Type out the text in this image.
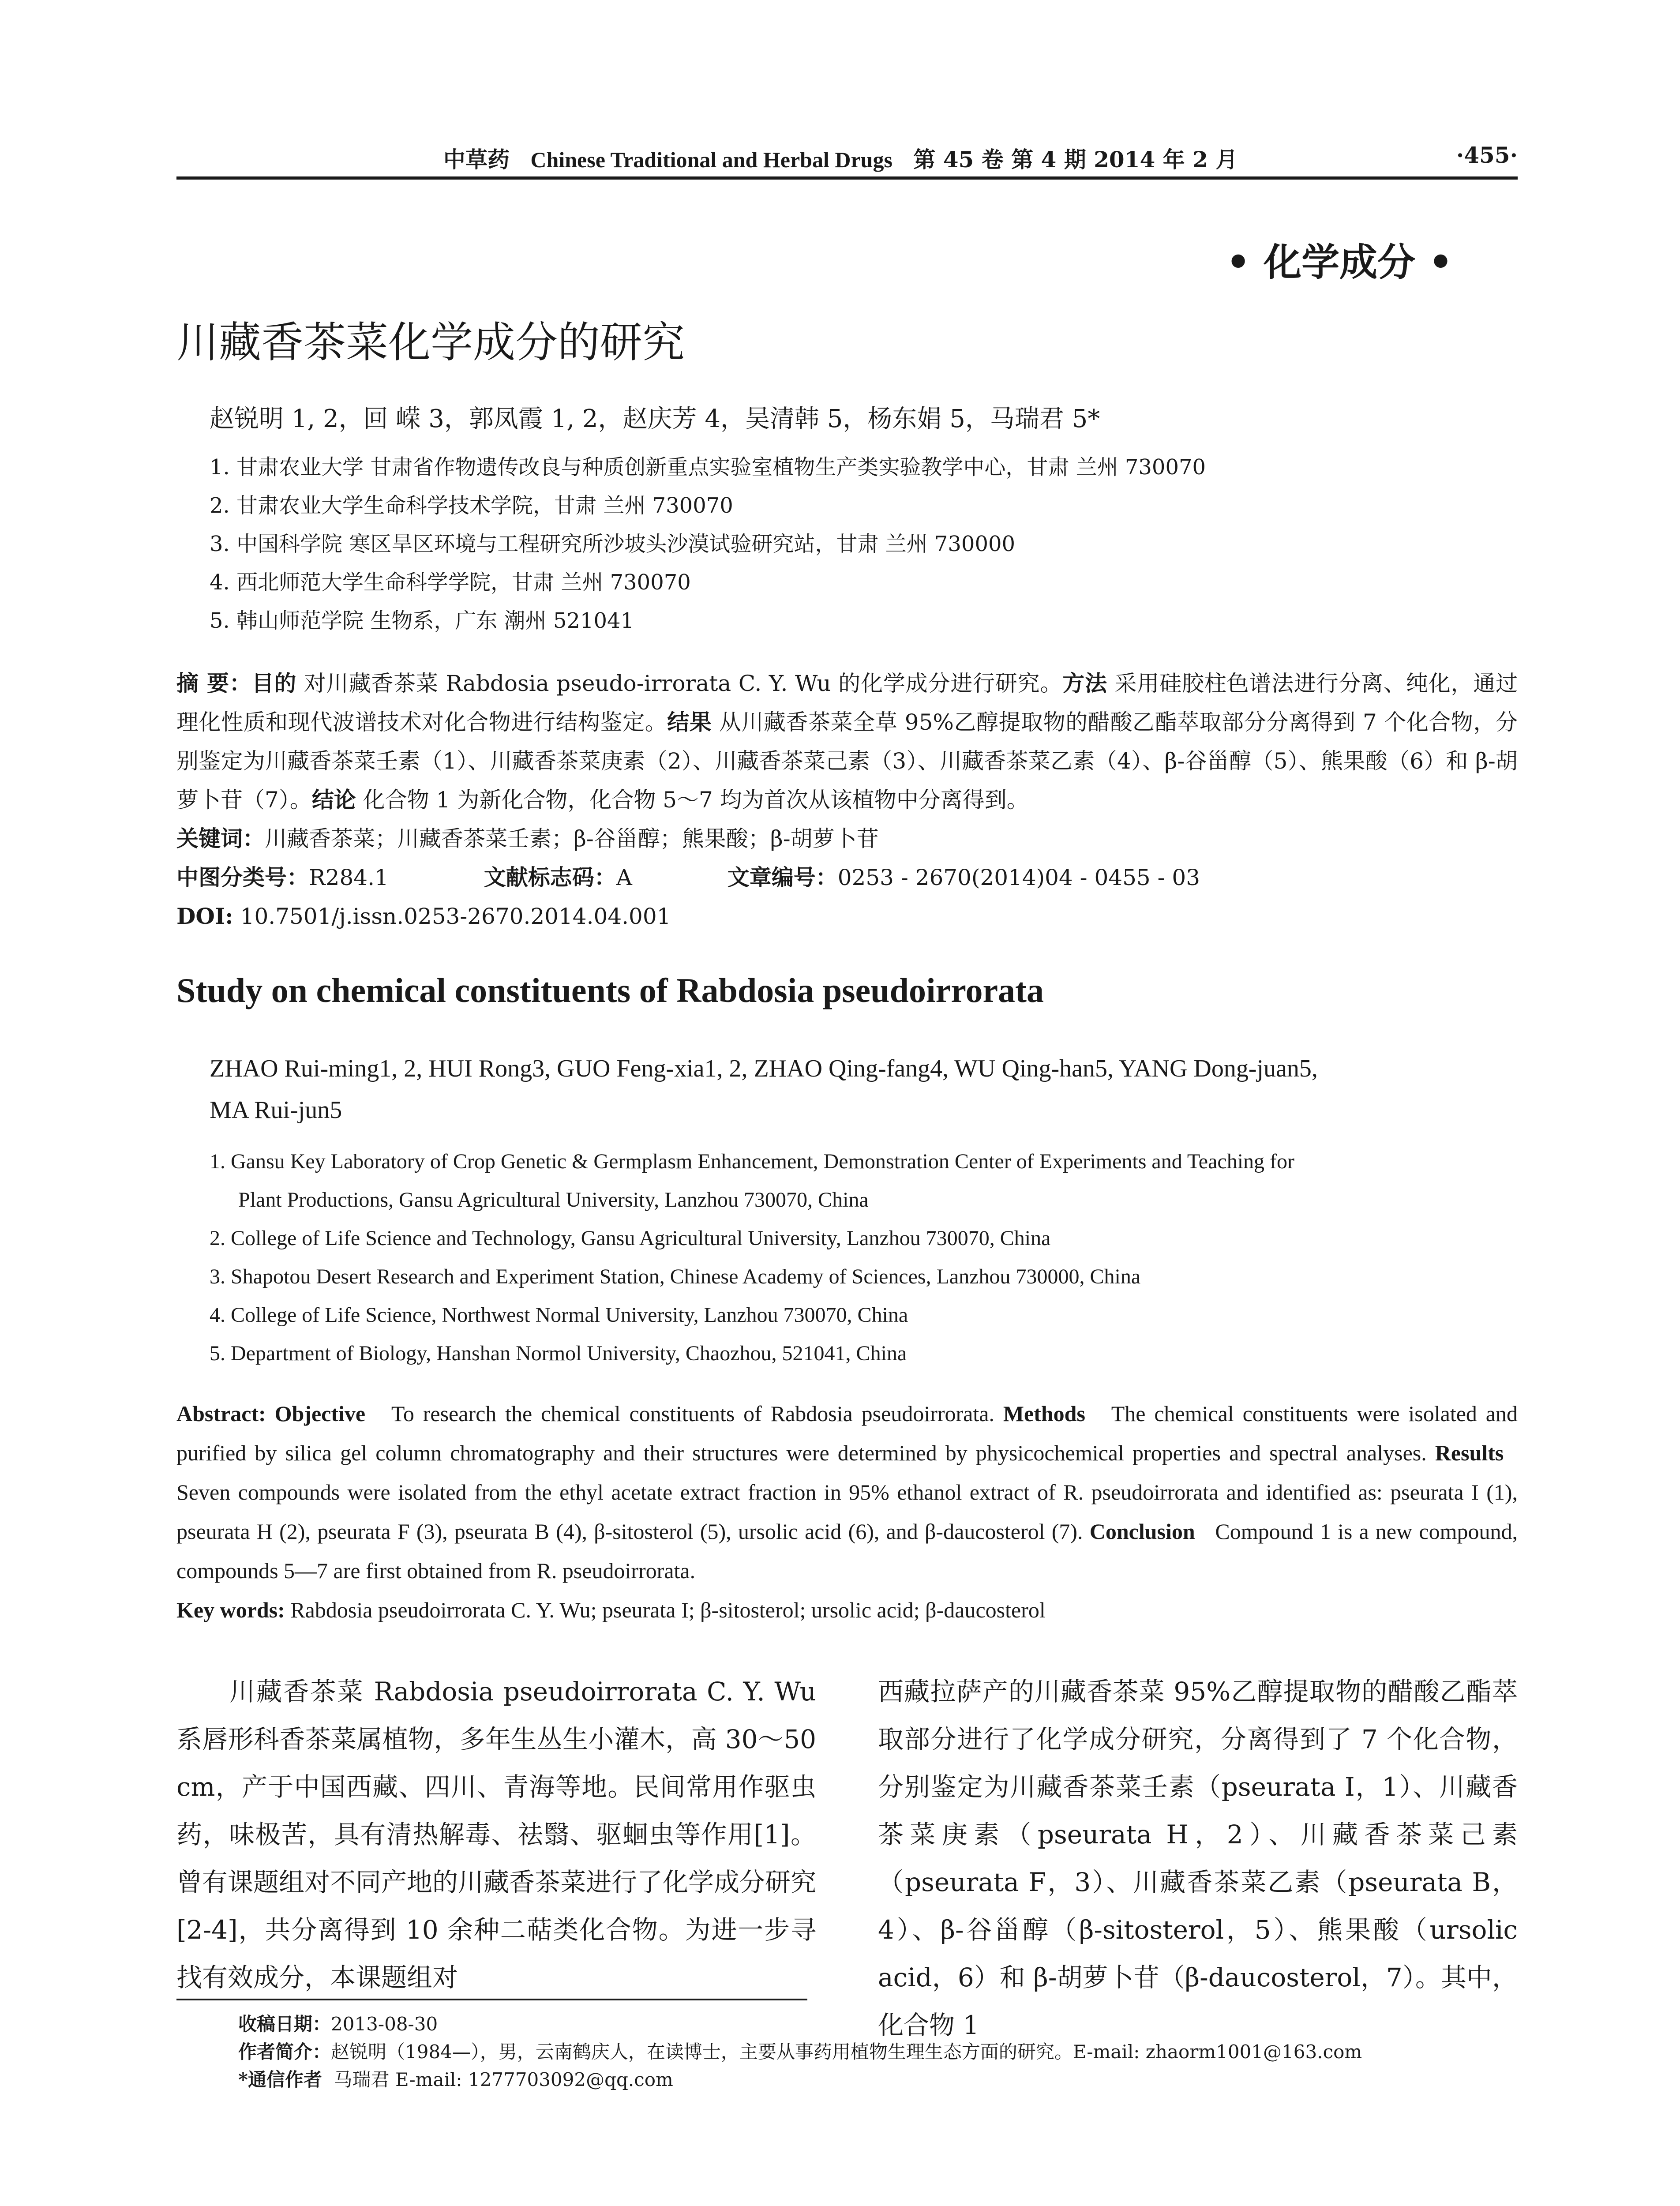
中草药 Chinese Traditional and Herbal Drugs 第 45 卷 第 4 期 2014 年 2 月	·455·
• 化学成分 •
川藏香茶菜化学成分的研究
赵锐明 1, 2，回 嵘 3，郭凤霞 1, 2，赵庆芳 4，吴清韩 5，杨东娟 5，马瑞君 5*
1. 甘肃农业大学 甘肃省作物遗传改良与种质创新重点实验室植物生产类实验教学中心，甘肃 兰州 730070
2. 甘肃农业大学生命科学技术学院，甘肃 兰州 730070
3. 中国科学院 寒区旱区环境与工程研究所沙坡头沙漠试验研究站，甘肃 兰州 730000
4. 西北师范大学生命科学学院，甘肃 兰州 730070
5. 韩山师范学院 生物系，广东 潮州 521041

摘 要：目的 对川藏香茶菜 Rabdosia pseudo-irrorata C. Y. Wu 的化学成分进行研究。方法 采用硅胶柱色谱法进行分离、纯化，通过理化性质和现代波谱技术对化合物进行结构鉴定。结果 从川藏香茶菜全草 95%乙醇提取物的醋酸乙酯萃取部分分离得到 7 个化合物，分别鉴定为川藏香茶菜壬素（1）、川藏香茶菜庚素（2）、川藏香茶菜己素（3）、川藏香茶菜乙素（4）、β-谷甾醇（5）、熊果酸（6）和 β-胡萝卜苷（7）。结论 化合物 1 为新化合物，化合物 5～7 均为首次从该植物中分离得到。

关键词：川藏香茶菜；川藏香茶菜壬素；β-谷甾醇；熊果酸；β-胡萝卜苷

中图分类号：R284.1	文献标志码：A	文章编号：0253 - 2670(2014)04 - 0455 - 03

DOI: 10.7501/j.issn.0253-2670.2014.04.001

Study on chemical constituents of Rabdosia pseudoirrorata
ZHAO Rui-ming1, 2, HUI Rong3, GUO Feng-xia1, 2, ZHAO Qing-fang4, WU Qing-han5, YANG Dong-juan5,
MA Rui-jun5
1. Gansu Key Laboratory of Crop Genetic & Germplasm Enhancement, Demonstration Center of Experiments and Teaching for
Plant Productions, Gansu Agricultural University, Lanzhou 730070, China
2. College of Life Science and Technology, Gansu Agricultural University, Lanzhou 730070, China
3. Shapotou Desert Research and Experiment Station, Chinese Academy of Sciences, Lanzhou 730000, China
4. College of Life Science, Northwest Normal University, Lanzhou 730070, China
5. Department of Biology, Hanshan Normol University, Chaozhou, 521041, China

Abstract: Objective To research the chemical constituents of Rabdosia pseudoirrorata. Methods The chemical constituents were isolated and purified by silica gel column chromatography and their structures were determined by physicochemical properties and spectral analyses. Results   Seven compounds were isolated from the ethyl acetate extract fraction in 95% ethanol extract of R. pseudoirrorata and identified as: pseurata I (1), pseurata H (2), pseurata F (3), pseurata B (4), β-sitosterol (5), ursolic acid (6), and β-daucosterol (7). Conclusion Compound 1 is a new compound, compounds 5—7 are first obtained from R. pseudoirrorata.

Key words: Rabdosia pseudoirrorata C. Y. Wu; pseurata I; β-sitosterol; ursolic acid; β-daucosterol

川藏香茶菜 Rabdosia pseudoirrorata C. Y. Wu 系唇形科香茶菜属植物，多年生丛生小灌木，高 30～50 cm，产于中国西藏、四川、青海等地。民间常用作驱虫药，味极苦，具有清热解毒、祛翳、驱蛔虫等作用[1]。曾有课题组对不同产地的川藏香茶菜进行了化学成分研究[2-4]，共分离得到 10 余种二萜类化合物。为进一步寻找有效成分，本课题组对

西藏拉萨产的川藏香茶菜 95%乙醇提取物的醋酸乙酯萃取部分进行了化学成分研究，分离得到了 7 个化合物，分别鉴定为川藏香茶菜壬素（pseurata I，1）、川藏香茶菜庚素（pseurata H，2）、川藏香茶菜己素（pseurata F，3）、川藏香茶菜乙素（pseurata B，4）、β-谷甾醇（β-sitosterol，5）、熊果酸（ursolic acid，6）和 β-胡萝卜苷（β-daucosterol，7）。其中，化合物 1

收稿日期：2013-08-30
作者简介：赵锐明（1984—），男，云南鹤庆人，在读博士，主要从事药用植物生理生态方面的研究。E-mail: zhaorm1001@163.com
*通信作者 马瑞君 E-mail: 1277703092@qq.com
